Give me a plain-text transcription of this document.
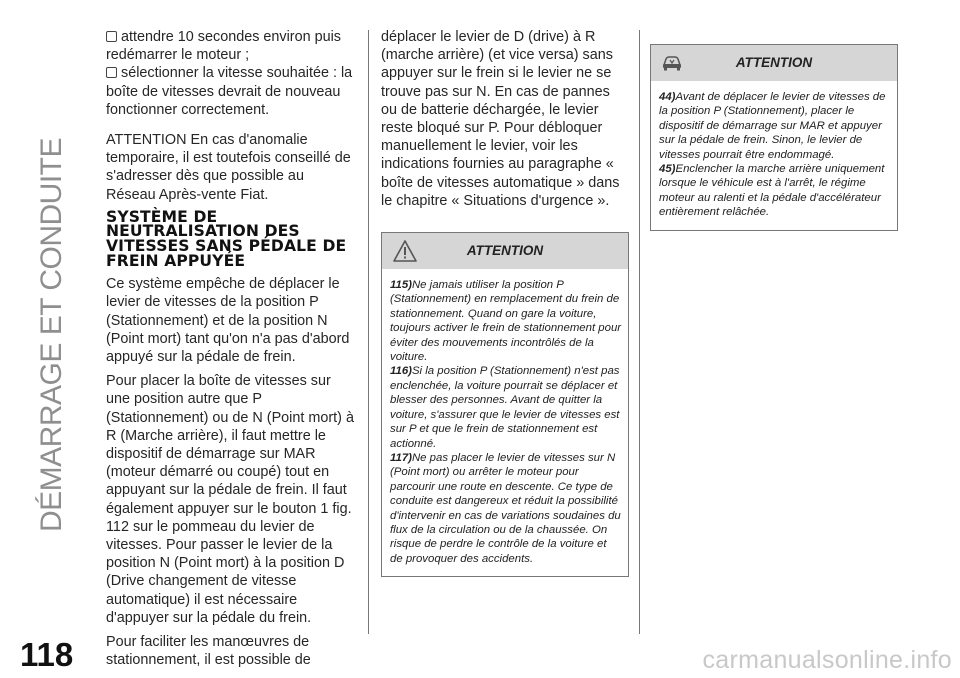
DÉMARRAGE ET CONDUITE
118	carmanualsonline.info
attendre 10 secondes environ puis redémarrer le moteur ;
sélectionner la vitesse souhaitée : la boîte de vitesses devrait de nouveau fonctionner correctement.

ATTENTION En cas d'anomalie temporaire, il est toutefois conseillé de s'adresser dès que possible au Réseau Après-vente Fiat.

SYSTÈME DE NEUTRALISATION DES VITESSES SANS PÉDALE DE FREIN APPUYÉE

Ce système empêche de déplacer le levier de vitesses de la position P (Stationnement) et de la position N (Point mort) tant qu'on n'a pas d'abord appuyé sur la pédale de frein.

Pour placer la boîte de vitesses sur une position autre que P (Stationnement) ou de N (Point mort) à R (Marche arrière), il faut mettre le dispositif de démarrage sur MAR (moteur démarré ou coupé) tout en appuyant sur la pédale de frein. Il faut également appuyer sur le bouton 1 fig. 112 sur le pommeau du levier de vitesses. Pour passer le levier de la position N (Point mort) à la position D (Drive changement de vitesse automatique) il est nécessaire d'appuyer sur la pédale du frein.

Pour faciliter les manœuvres de stationnement, il est possible de

déplacer le levier de D (drive) à R (marche arrière) (et vice versa) sans appuyer sur le frein si le levier ne se trouve pas sur N. En cas de pannes ou de batterie déchargée, le levier reste bloqué sur P. Pour débloquer manuellement le levier, voir les indications fournies au paragraphe « boîte de vitesses automatique » dans le chapitre « Situations d'urgence ».

ATTENTION

115)Ne jamais utiliser la position P (Stationnement) en remplacement du frein de stationnement. Quand on gare la voiture, toujours activer le frein de stationnement pour éviter des mouvements incontrôlés de la voiture.

116)Si la position P (Stationnement) n'est pas enclenchée, la voiture pourrait se déplacer et blesser des personnes. Avant de quitter la voiture, s'assurer que le levier de vitesses est sur P et que le frein de stationnement est actionné.

117)Ne pas placer le levier de vitesses sur N (Point mort) ou arrêter le moteur pour parcourir une route en descente. Ce type de conduite est dangereux et réduit la possibilité d'intervenir en cas de variations soudaines du flux de la circulation ou de la chaussée. On risque de perdre le contrôle de la voiture et de provoquer des accidents.

ATTENTION

44)Avant de déplacer le levier de vitesses de la position P (Stationnement), placer le dispositif de démarrage sur MAR et appuyer sur la pédale de frein. Sinon, le levier de vitesses pourrait être endommagé.

45)Enclencher la marche arrière uniquement lorsque le véhicule est à l'arrêt, le régime moteur au ralenti et la pédale d'accélérateur entièrement relâchée.
